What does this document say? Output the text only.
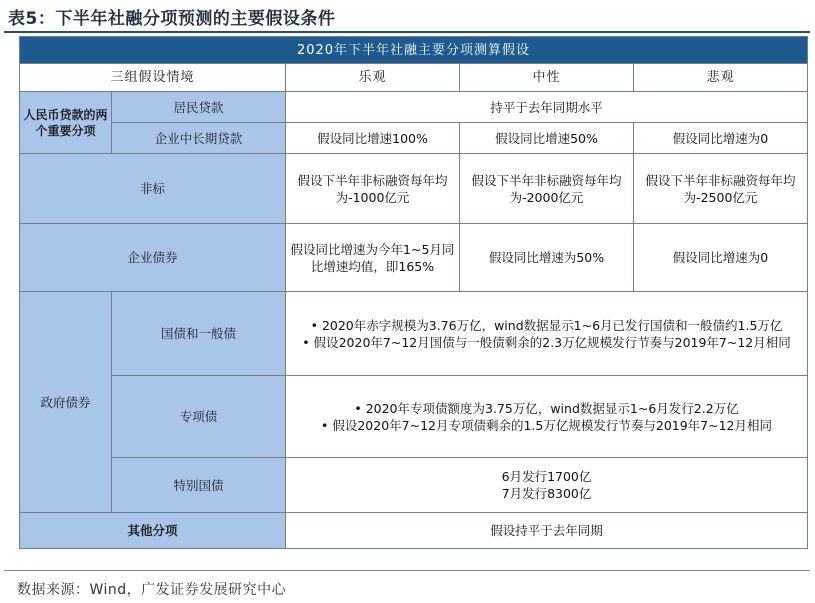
表5：下半年社融分项预测的主要假设条件
2020年下半年社融主要分项测算假设				
三组假设情境		乐观	中性	悲观
人民币贷款的两个重要分项	居民贷款	持平于去年同期水平		
	企业中长期贷款	假设同比增速100%	假设同比增速50%	假设同比增速为0
非标		假设下半年非标融资每年均为-1000亿元	假设下半年非标融资每年均为-2000亿元	假设下半年非标融资每年均为-2500亿元
企业债券		假设同比增速为今年1~5月同比增速均值，即165%	假设同比增速为50%	假设同比增速为0
政府债券	国债和一般债	• 2020年赤字规模为3.76万亿，wind数据显示1~6月已发行国债和一般债约1.5万亿
• 假设2020年7~12月国债与一般债剩余的2.3万亿规模发行节奏与2019年7~12月相同		

	专项债	• 2020年专项债额度为3.75万亿，wind数据显示1~6月发行2.2万亿
• 假设2020年7~12月专项债剩余的1.5万亿规模发行节奏与2019年7~12月相同		

	特别国债	6月发行1700亿
7月发行8300亿		

其他分项		假设持平于去年同期		
数据来源：Wind，广发证券发展研究中心
